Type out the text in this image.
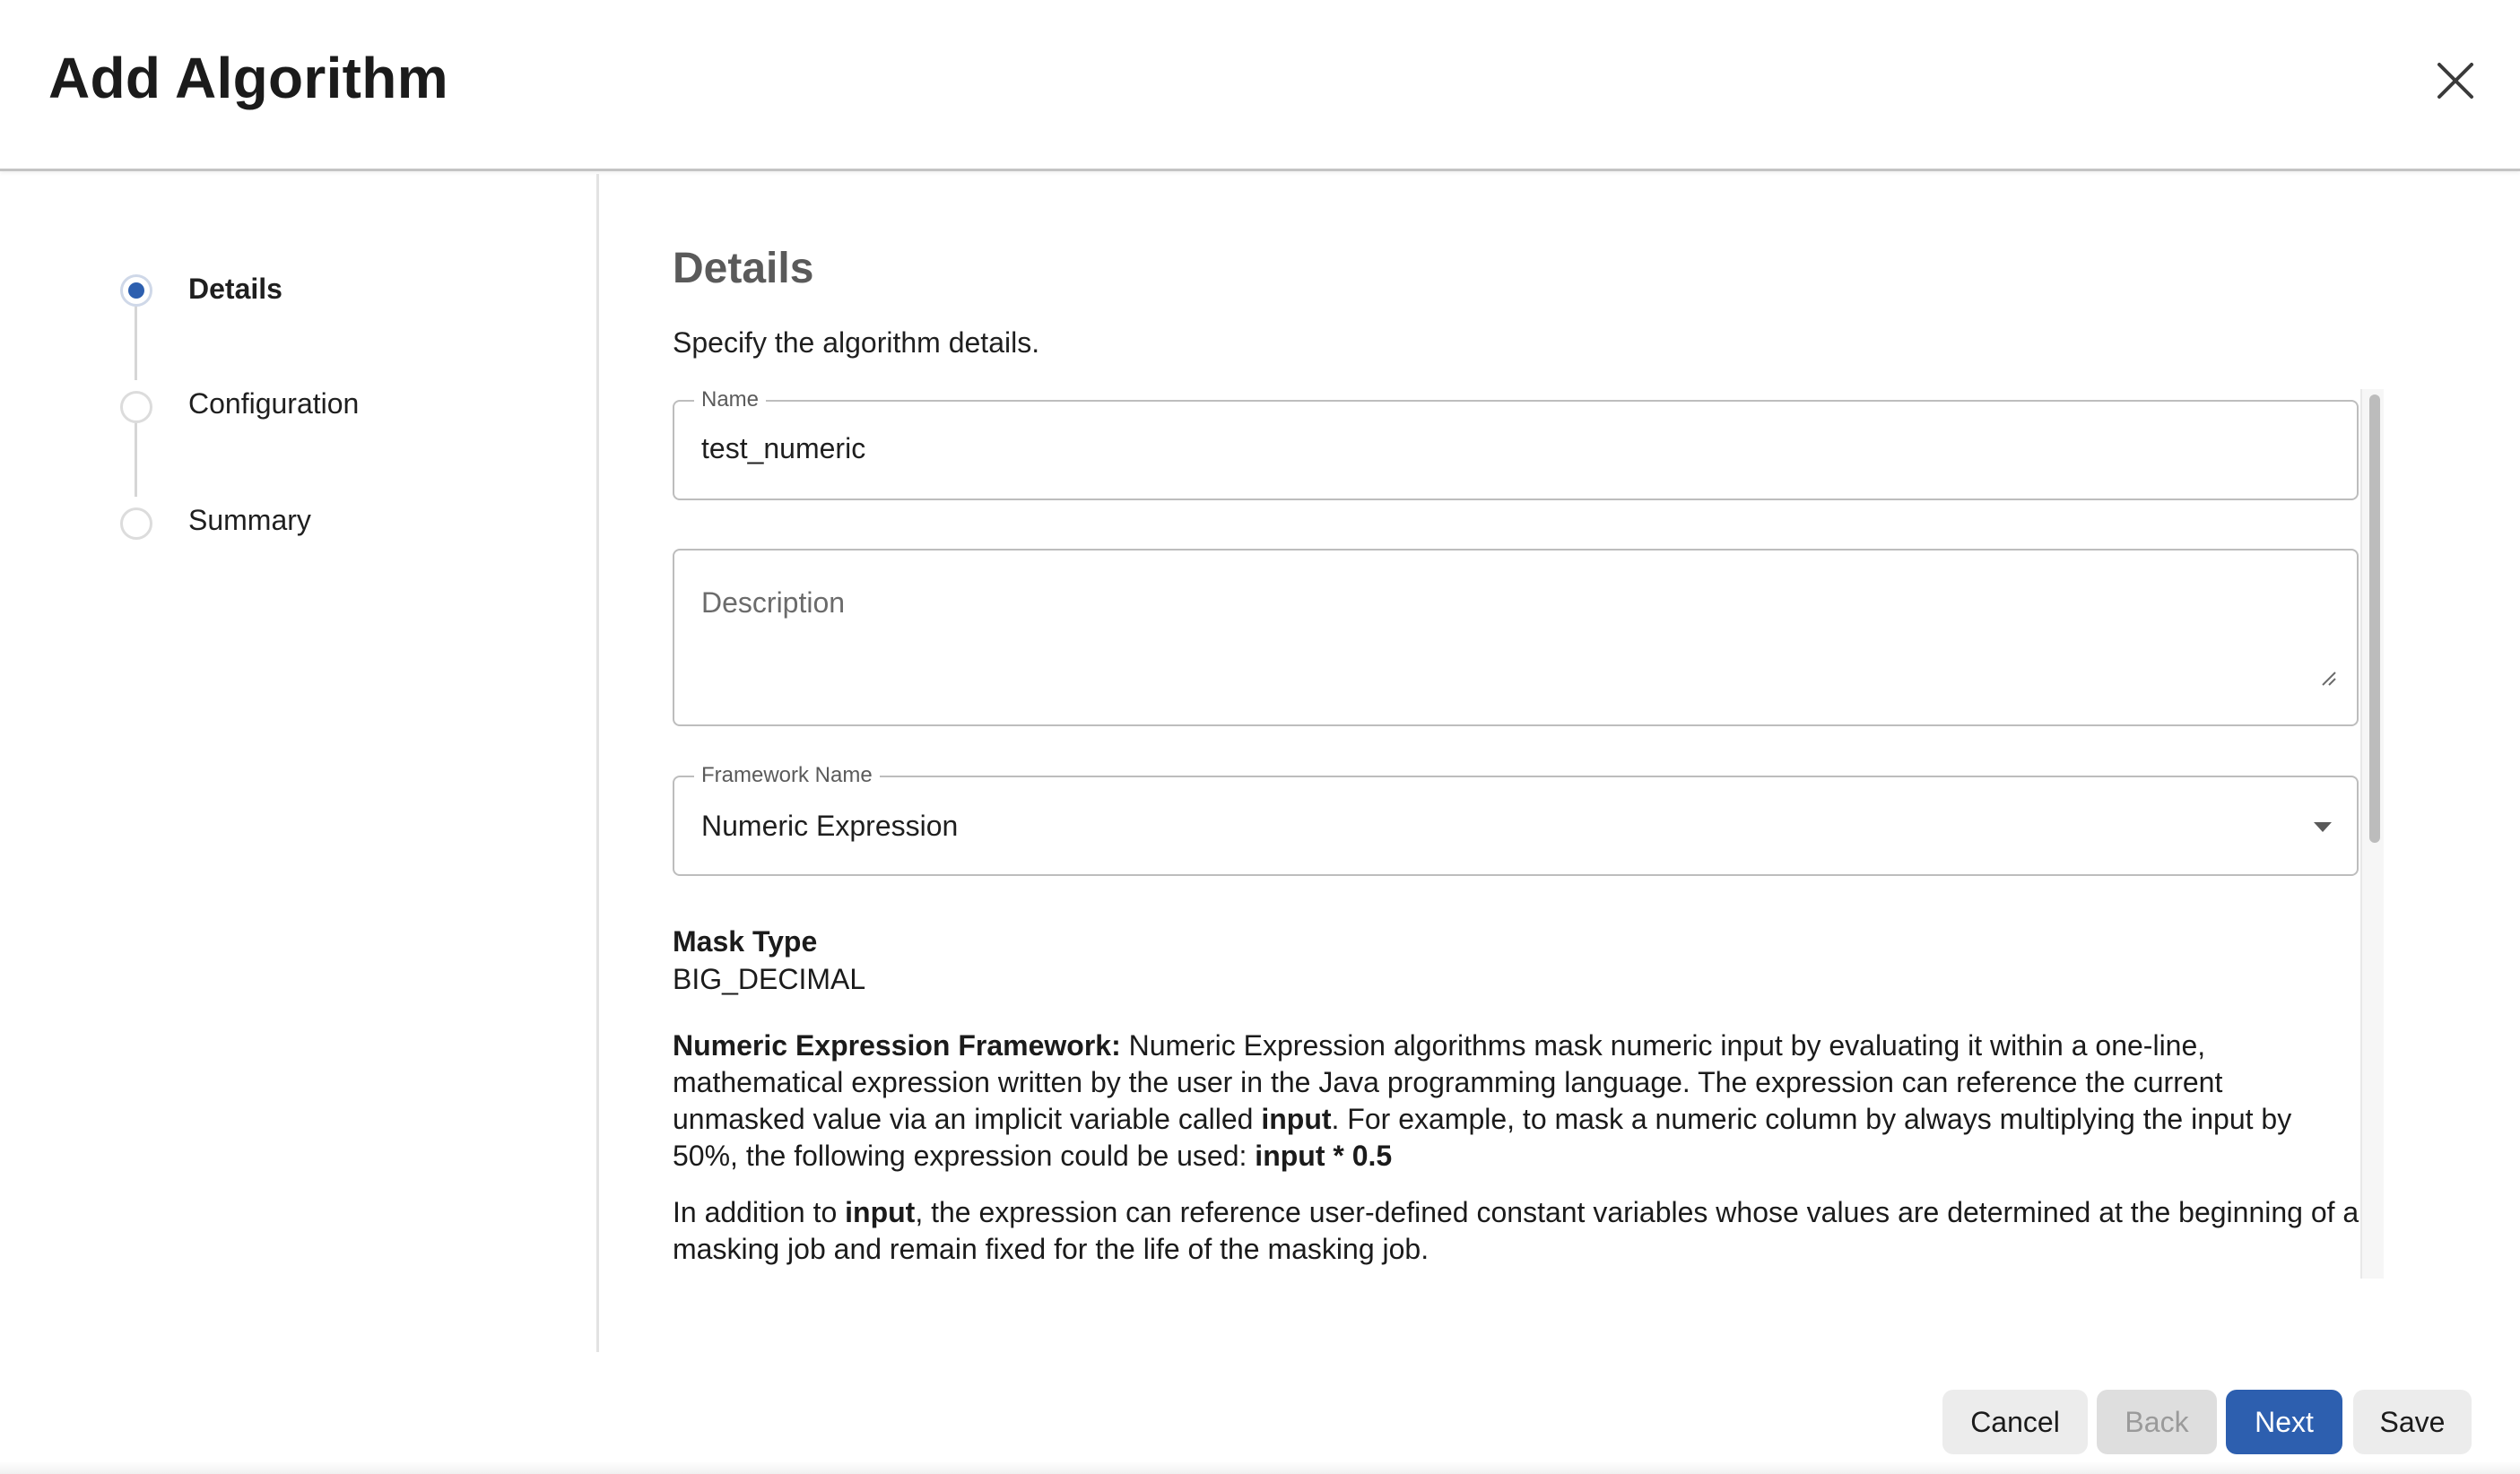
Add Algorithm
Details
Configuration
Summary
Details
Specify the algorithm details.
Name
test_numeric
Description
Framework Name
Numeric Expression
Mask Type
BIG_DECIMAL
Numeric Expression Framework: Numeric Expression algorithms mask numeric input by evaluating it within a one-line, mathematical expression written by the user in the Java programming language. The expression can reference the current unmasked value via an implicit variable called input. For example, to mask a numeric column by always multiplying the input by 50%, the following expression could be used: input * 0.5
In addition to input, the expression can reference user-defined constant variables whose values are determined at the beginning of a masking job and remain fixed for the life of the masking job.
Cancel	Back	Next	Save
